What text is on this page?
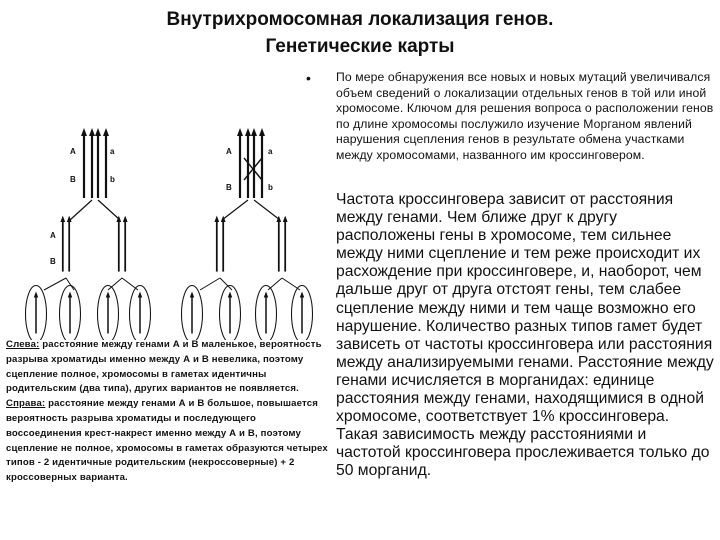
Внутрихромосомная локализация генов.
Генетические карты
• По мере обнаружения все новых и новых мутаций увеличивался объем сведений о локализации отдельных генов в той или иной хромосоме. Ключом для решения вопроса о расположении генов по длине хромосомы послужило изучение Морганом явлений нарушения сцепления генов в результате обмена участками между хромосомами, названного им кроссинговером.

Частота кроссинговера зависит от расстояния между генами. Чем ближе друг к другу расположены гены в хромосоме, тем сильнее между ними сцепление и тем реже происходит их расхождение при кроссинговере, и, наоборот, чем дальше друг от друга отстоят гены, тем слабее сцепление между ними и тем чаще возможно его нарушение. Количество разных типов гамет будет зависеть от частоты кроссинговера или расстояния между анализируемыми генами. Расстояние между генами исчисляется в морганидах: единице расстояния между генами, находящимися в одной хромосоме, соответствует 1% кроссинговера. Такая зависимость между расстояниями и частотой кроссинговера прослеживается только до 50 морганид.

A
B
a
b
A
B
A
B
a
b

Слева: расстояние между генами А и В маленькое, вероятность разрыва хроматиды именно между А и В невелика, поэтому сцепление полное, хромосомы в гаметах идентичны родительским (два типа), других вариантов не появляется. Справа: расстояние между генами А и В большое, повышается вероятность разрыва хроматиды и последующего воссоединения крест-накрест именно между А и В, поэтому сцепление не полное, хромосомы в гаметах образуются четырех типов - 2 идентичные родительским (некроссоверные) + 2 кроссоверных варианта.
